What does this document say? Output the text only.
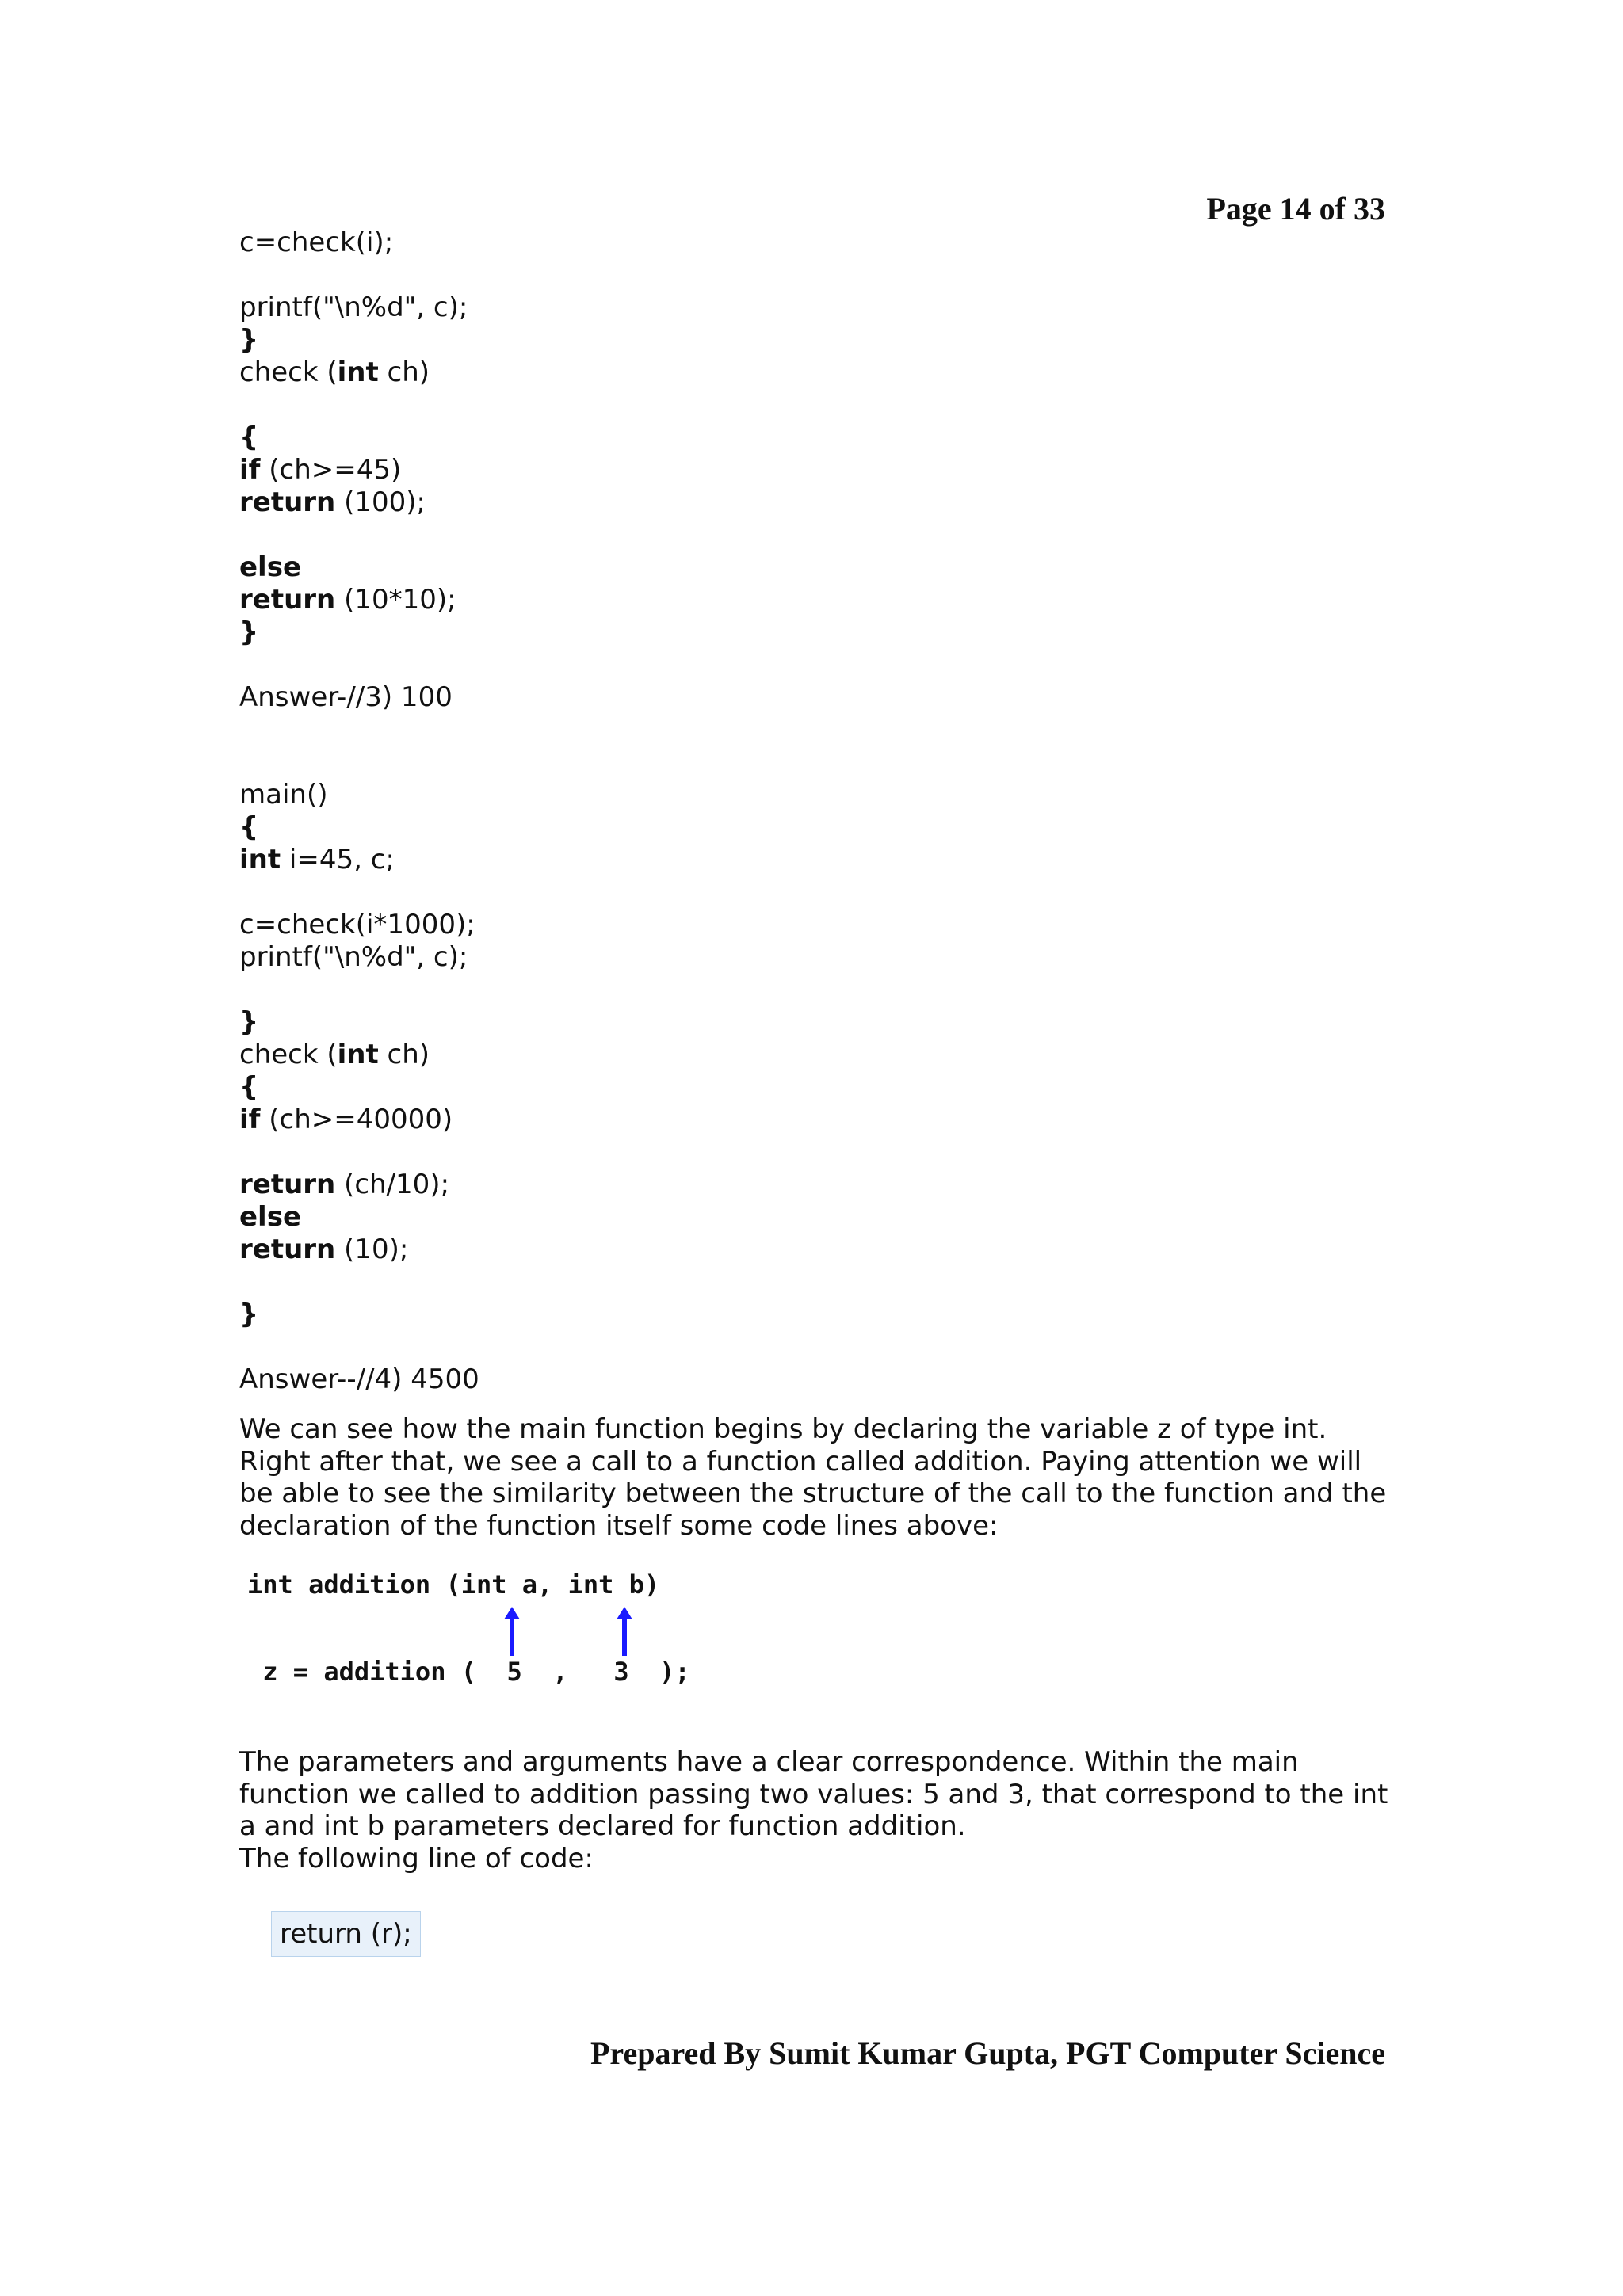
Page 14 of 33
c=check(i);
printf("\n%d", c);
}
check (int ch)
{
if (ch>=45)
return (100);
else
return (10*10);
}
Answer-//3) 100
main()
{
int i=45, c;
c=check(i*1000);
printf("\n%d", c);
}
check (int ch)
{
if (ch>=40000)
return (ch/10);
else
return (10);
}
Answer--//4) 4500

We can see how the main function begins by declaring the variable z of type int. Right after that, we see a call to a function called addition. Paying attention we will be able to see the similarity between the structure of the call to the function and the declaration of the function itself some code lines above:

int addition (int a, int b)
z = addition (  5  ,   3  );

The parameters and arguments have a clear correspondence. Within the main function we called to addition passing two values: 5 and 3, that correspond to the int a and int b parameters declared for function addition.

The following line of code:

return (r);
Prepared By Sumit Kumar Gupta, PGT Computer Science
